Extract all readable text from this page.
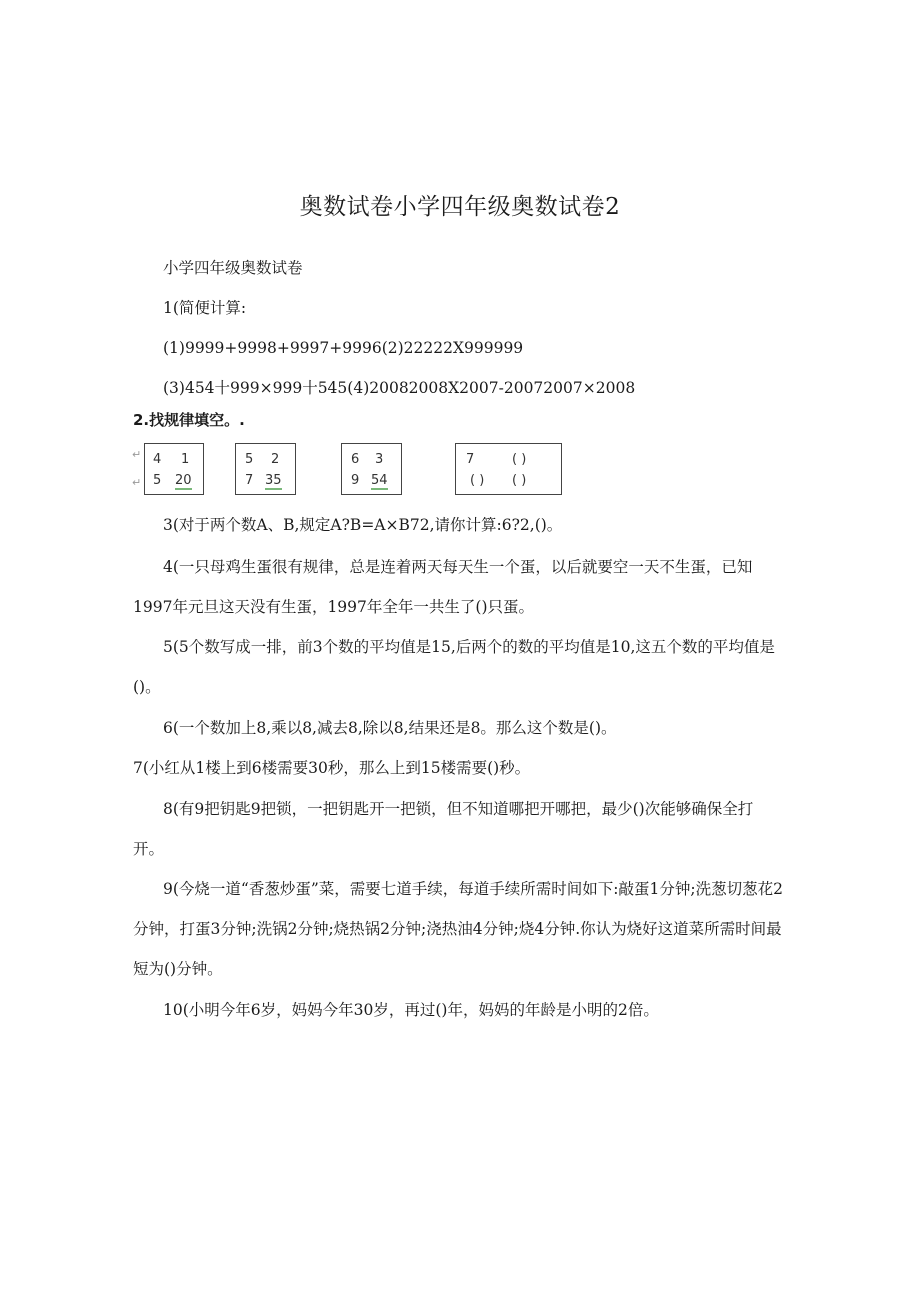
奥数试卷小学四年级奥数试卷2
小学四年级奥数试卷
1(简便计算:
(1)9999+9998+9997+9996(2)22222X999999
(3)454十999×999十545(4)20082008X2007-20072007×2008
2.找规律填空。.
↵
↵
4 1
5 20
5 2
7 35
6 3
9 54
7	( )
( ) ( )
3(对于两个数A、B,规定A?B=A×B72,请你计算:6?2,()。
4(一只母鸡生蛋很有规律，总是连着两天每天生一个蛋，以后就要空一天不生蛋，已知1997年元旦这天没有生蛋，1997年全年一共生了()只蛋。
5(5个数写成一排，前3个数的平均值是15,后两个的数的平均值是10,这五个数的平均值是()。
6(一个数加上8,乘以8,减去8,除以8,结果还是8。那么这个数是()。
7(小红从1楼上到6楼需要30秒，那么上到15楼需要()秒。
8(有9把钥匙9把锁，一把钥匙开一把锁，但不知道哪把开哪把，最少()次能够确保全打开。
9(今烧一道“香葱炒蛋”菜，需要七道手续，每道手续所需时间如下:敲蛋1分钟;洗葱切葱花2分钟，打蛋3分钟;洗锅2分钟;烧热锅2分钟;浇热油4分钟;烧4分钟.你认为烧好这道菜所需时间最短为()分钟。
10(小明今年6岁，妈妈今年30岁，再过()年，妈妈的年龄是小明的2倍。
